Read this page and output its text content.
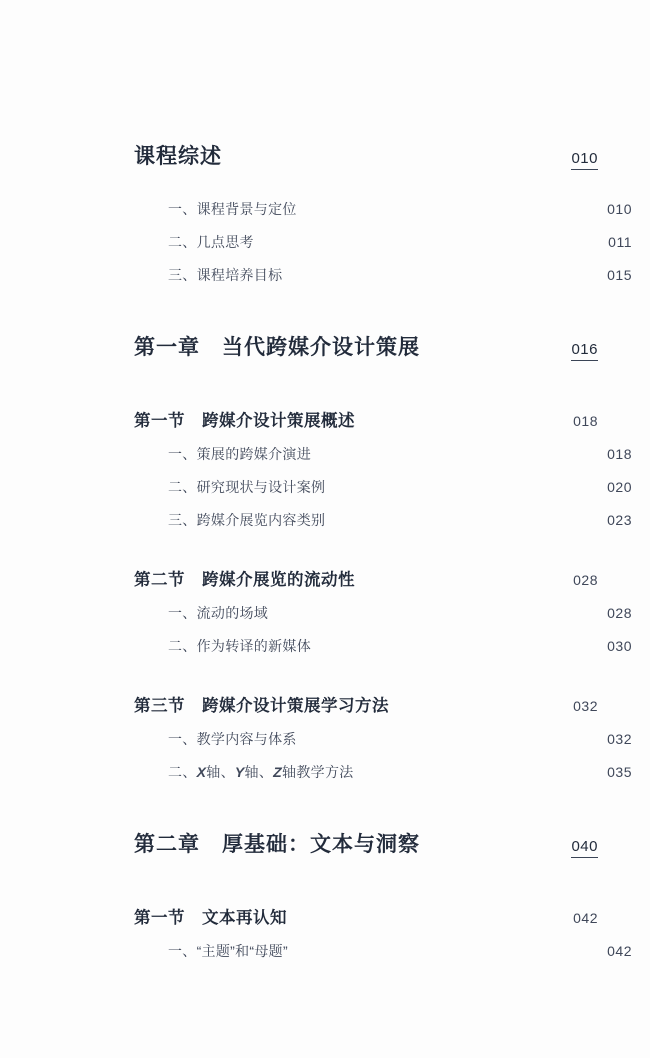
课程综述	010
一、课程背景与定位	010
二、几点思考	011
三、课程培养目标	015
第一章　当代跨媒介设计策展	016
第一节　跨媒介设计策展概述	018
一、策展的跨媒介演进	018
二、研究现状与设计案例	020
三、跨媒介展览内容类别	023
第二节　跨媒介展览的流动性	028
一、流动的场域	028
二、作为转译的新媒体	030
第三节　跨媒介设计策展学习方法	032
一、教学内容与体系	032
二、X轴、Y轴、Z轴教学方法	035
第二章　厚基础：文本与洞察	040
第一节　文本再认知	042
一、“主题”和“母题”	042
